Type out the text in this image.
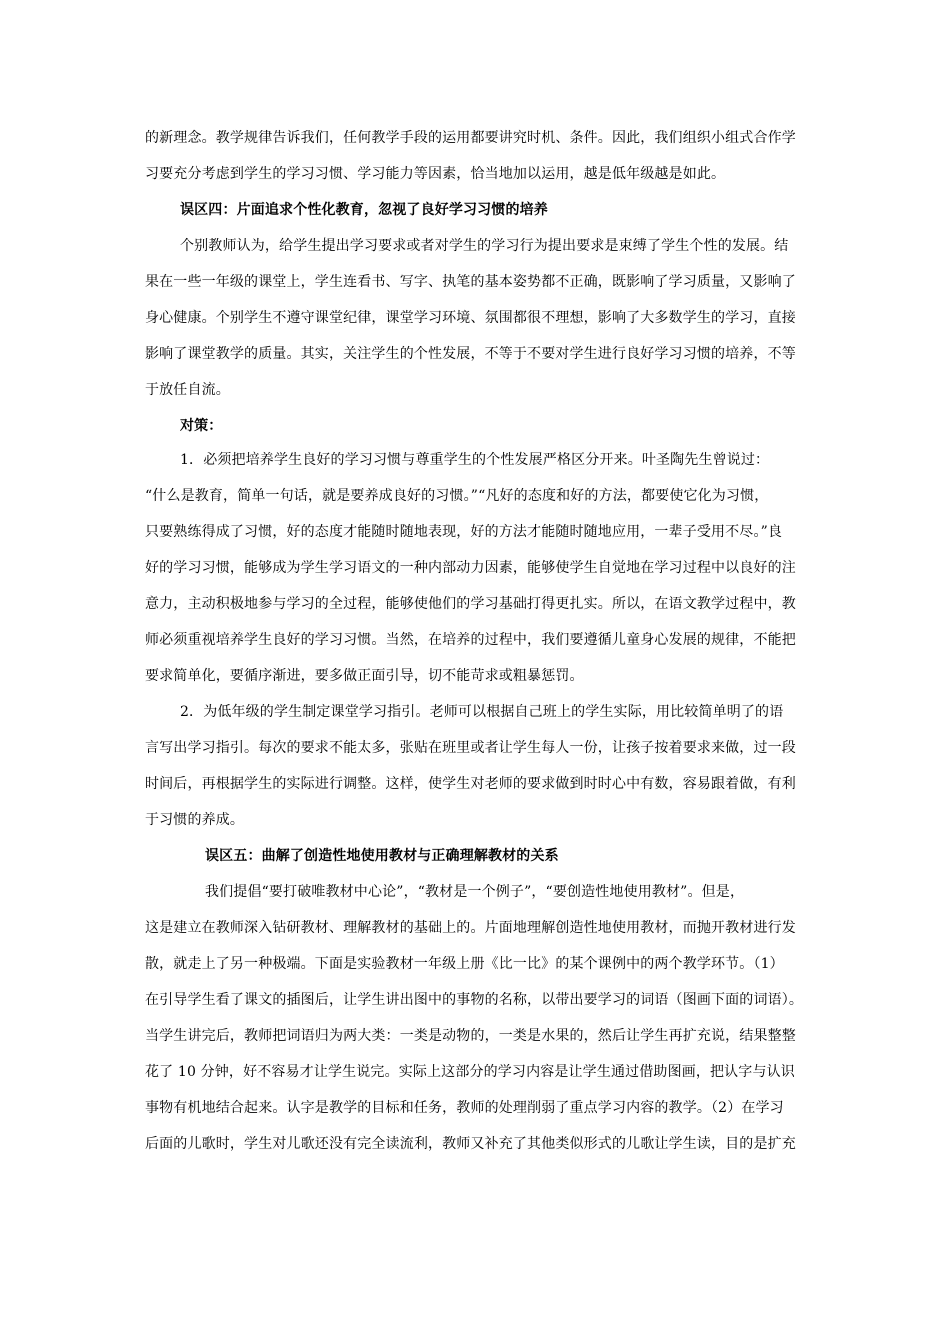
的新理念。教学规律告诉我们，任何教学手段的运用都要讲究时机、条件。因此，我们组织小组式合作学
习要充分考虑到学生的学习习惯、学习能力等因素，恰当地加以运用，越是低年级越是如此。
误区四：片面追求个性化教育，忽视了良好学习习惯的培养
个别教师认为，给学生提出学习要求或者对学生的学习行为提出要求是束缚了学生个性的发展。结
果在一些一年级的课堂上，学生连看书、写字、执笔的基本姿势都不正确，既影响了学习质量，又影响了
身心健康。个别学生不遵守课堂纪律，课堂学习环境、氛围都很不理想，影响了大多数学生的学习，直接
影响了课堂教学的质量。其实，关注学生的个性发展，不等于不要对学生进行良好学习习惯的培养，不等
于放任自流。
对策：
1．必须把培养学生良好的学习习惯与尊重学生的个性发展严格区分开来。叶圣陶先生曾说过：
“什么是教育，简单一句话，就是要养成良好的习惯。”“凡好的态度和好的方法，都要使它化为习惯，
只要熟练得成了习惯，好的态度才能随时随地表现，好的方法才能随时随地应用，一辈子受用不尽。”良
好的学习习惯，能够成为学生学习语文的一种内部动力因素，能够使学生自觉地在学习过程中以良好的注
意力，主动积极地参与学习的全过程，能够使他们的学习基础打得更扎实。所以，在语文教学过程中，教
师必须重视培养学生良好的学习习惯。当然，在培养的过程中，我们要遵循儿童身心发展的规律，不能把
要求简单化，要循序渐进，要多做正面引导，切不能苛求或粗暴惩罚。
2．为低年级的学生制定课堂学习指引。老师可以根据自己班上的学生实际，用比较简单明了的语
言写出学习指引。每次的要求不能太多，张贴在班里或者让学生每人一份，让孩子按着要求来做，过一段
时间后，再根据学生的实际进行调整。这样，使学生对老师的要求做到时时心中有数，容易跟着做，有利
于习惯的养成。
误区五：曲解了创造性地使用教材与正确理解教材的关系
我们提倡“要打破唯教材中心论”，“教材是一个例子”，“要创造性地使用教材”。但是，
这是建立在教师深入钻研教材、理解教材的基础上的。片面地理解创造性地使用教材，而抛开教材进行发
散，就走上了另一种极端。下面是实验教材一年级上册《比一比》的某个课例中的两个教学环节。（1）
在引导学生看了课文的插图后，让学生讲出图中的事物的名称，以带出要学习的词语（图画下面的词语）。
当学生讲完后，教师把词语归为两大类：一类是动物的，一类是水果的，然后让学生再扩充说，结果整整
花了 10 分钟，好不容易才让学生说完。实际上这部分的学习内容是让学生通过借助图画，把认字与认识
事物有机地结合起来。认字是教学的目标和任务，教师的处理削弱了重点学习内容的教学。（2）在学习
后面的儿歌时，学生对儿歌还没有完全读流利，教师又补充了其他类似形式的儿歌让学生读，目的是扩充
